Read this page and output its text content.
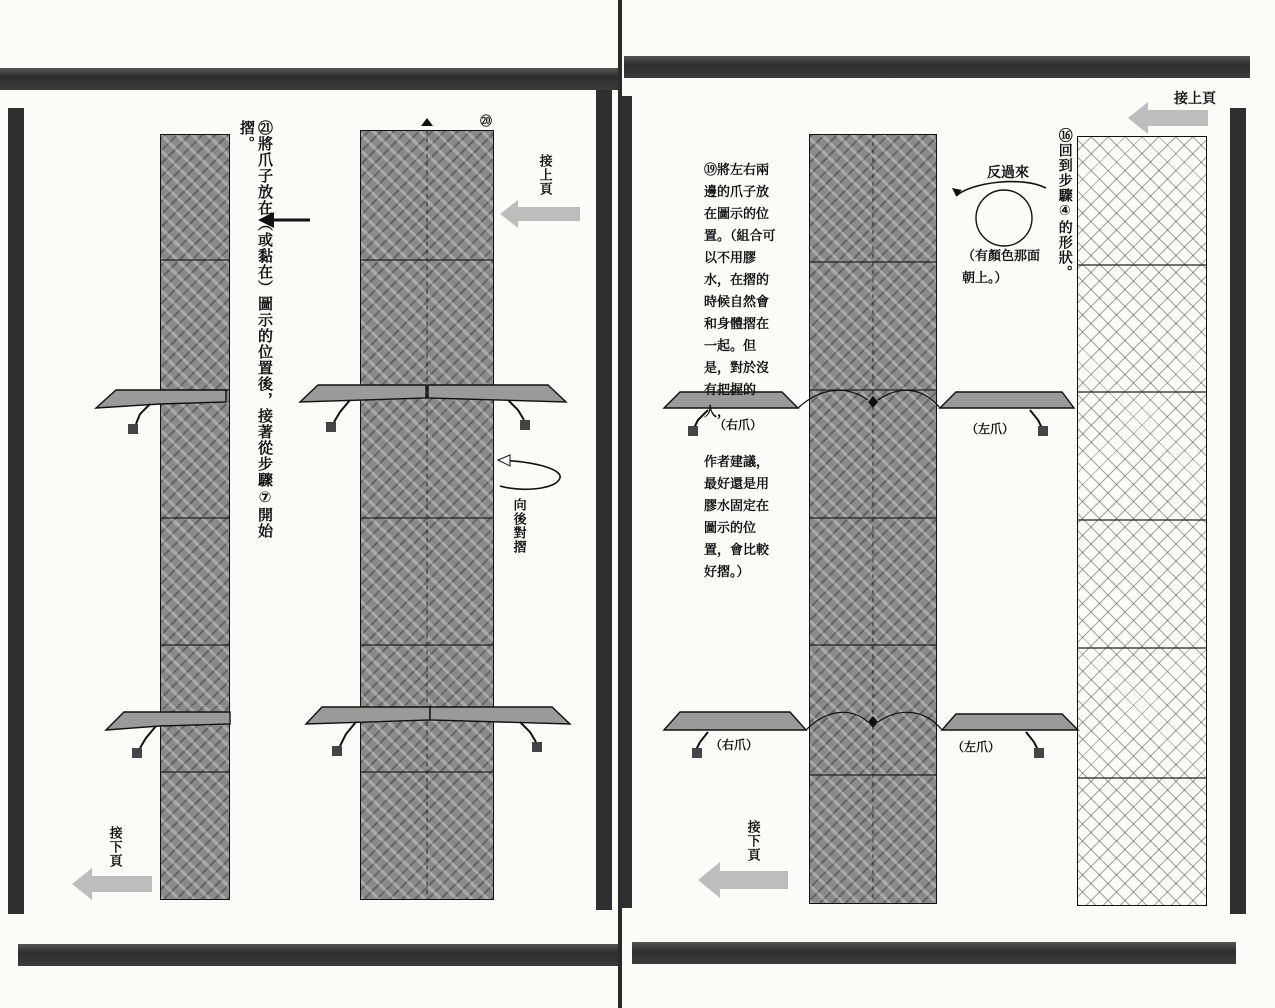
㉑將爪子放在（或黏在）圖示的位置後，接著從步驟⑦開始摺。	⑳
接上頁
向後對摺
接下頁
接上頁
⑯回到步驟④的形狀。
反過來
（有顏色那面朝上。）
⑲將左右兩邊的爪子放在圖示的位置。（組合可以不用膠水，在摺的時候自然會和身體摺在一起。但是，對於沒有把握的人，
作者建議，最好還是用膠水固定在圖示的位置，會比較好摺。）
（右爪）	（左爪）
（右爪）	（左爪）
接下頁
